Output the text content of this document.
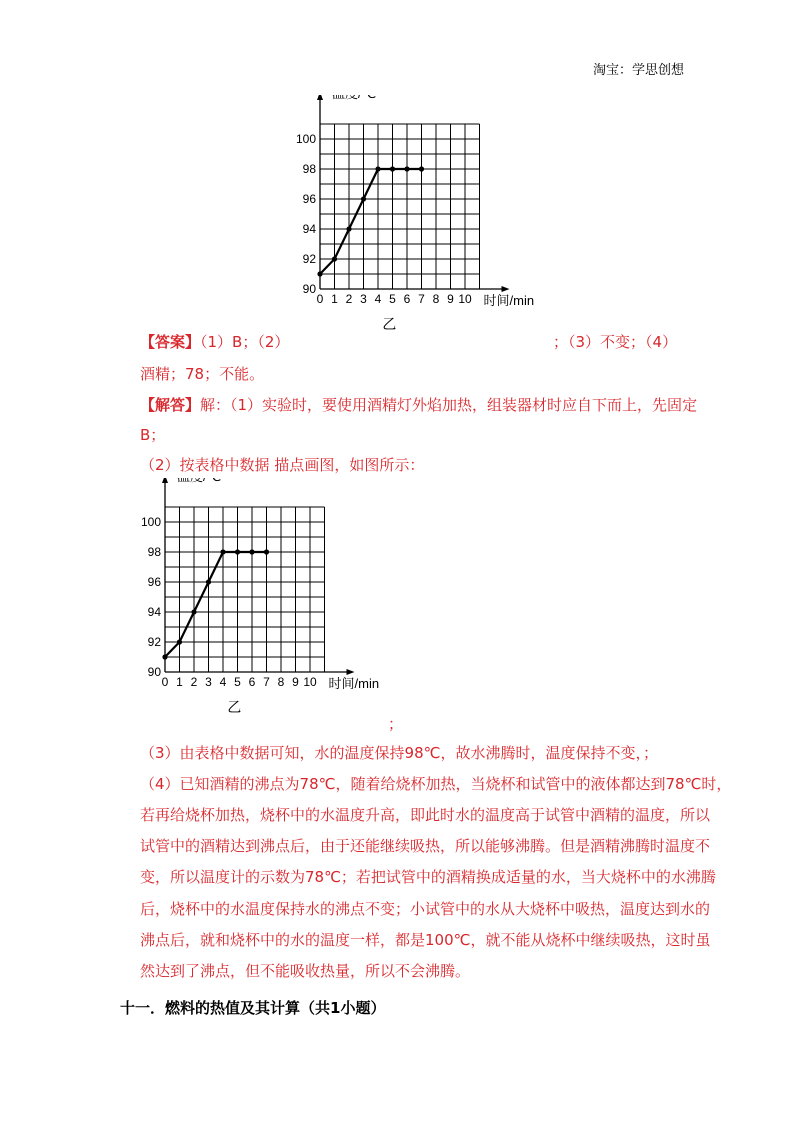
淘宝：学思创想
0 1 2 3 4 5 6 7 8 9 10
90
92
94
96
98
100
时间/min
乙
【答案】（1）B；（2）	；（3）不变；（4）
酒精；78；不能。
【解答】解：（1）实验时，要使用酒精灯外焰加热，组装器材时应自下而上，先固定
B；
（2）按表格中数据 描点画图，如图所示：
0 1 2 3 4 5 6 7 8 9 10
90
92
94
96
98
100
时间/min
乙
；
（3）由表格中数据可知，水的温度保持98℃，故水沸腾时，温度保持不变，；
（4）已知酒精的沸点为78℃，随着给烧杯加热，当烧杯和试管中的液体都达到78℃时，
若再给烧杯加热，烧杯中的水温度升高，即此时水的温度高于试管中酒精的温度，所以
试管中的酒精达到沸点后，由于还能继续吸热，所以能够沸腾。但是酒精沸腾时温度不
变，所以温度计的示数为78℃；若把试管中的酒精换成适量的水，当大烧杯中的水沸腾
后，烧杯中的水温度保持水的沸点不变；小试管中的水从大烧杯中吸热，温度达到水的
沸点后，就和烧杯中的水的温度一样，都是100℃，就不能从烧杯中继续吸热，这时虽
然达到了沸点，但不能吸收热量，所以不会沸腾。
十一．燃料的热值及其计算（共1小题）
